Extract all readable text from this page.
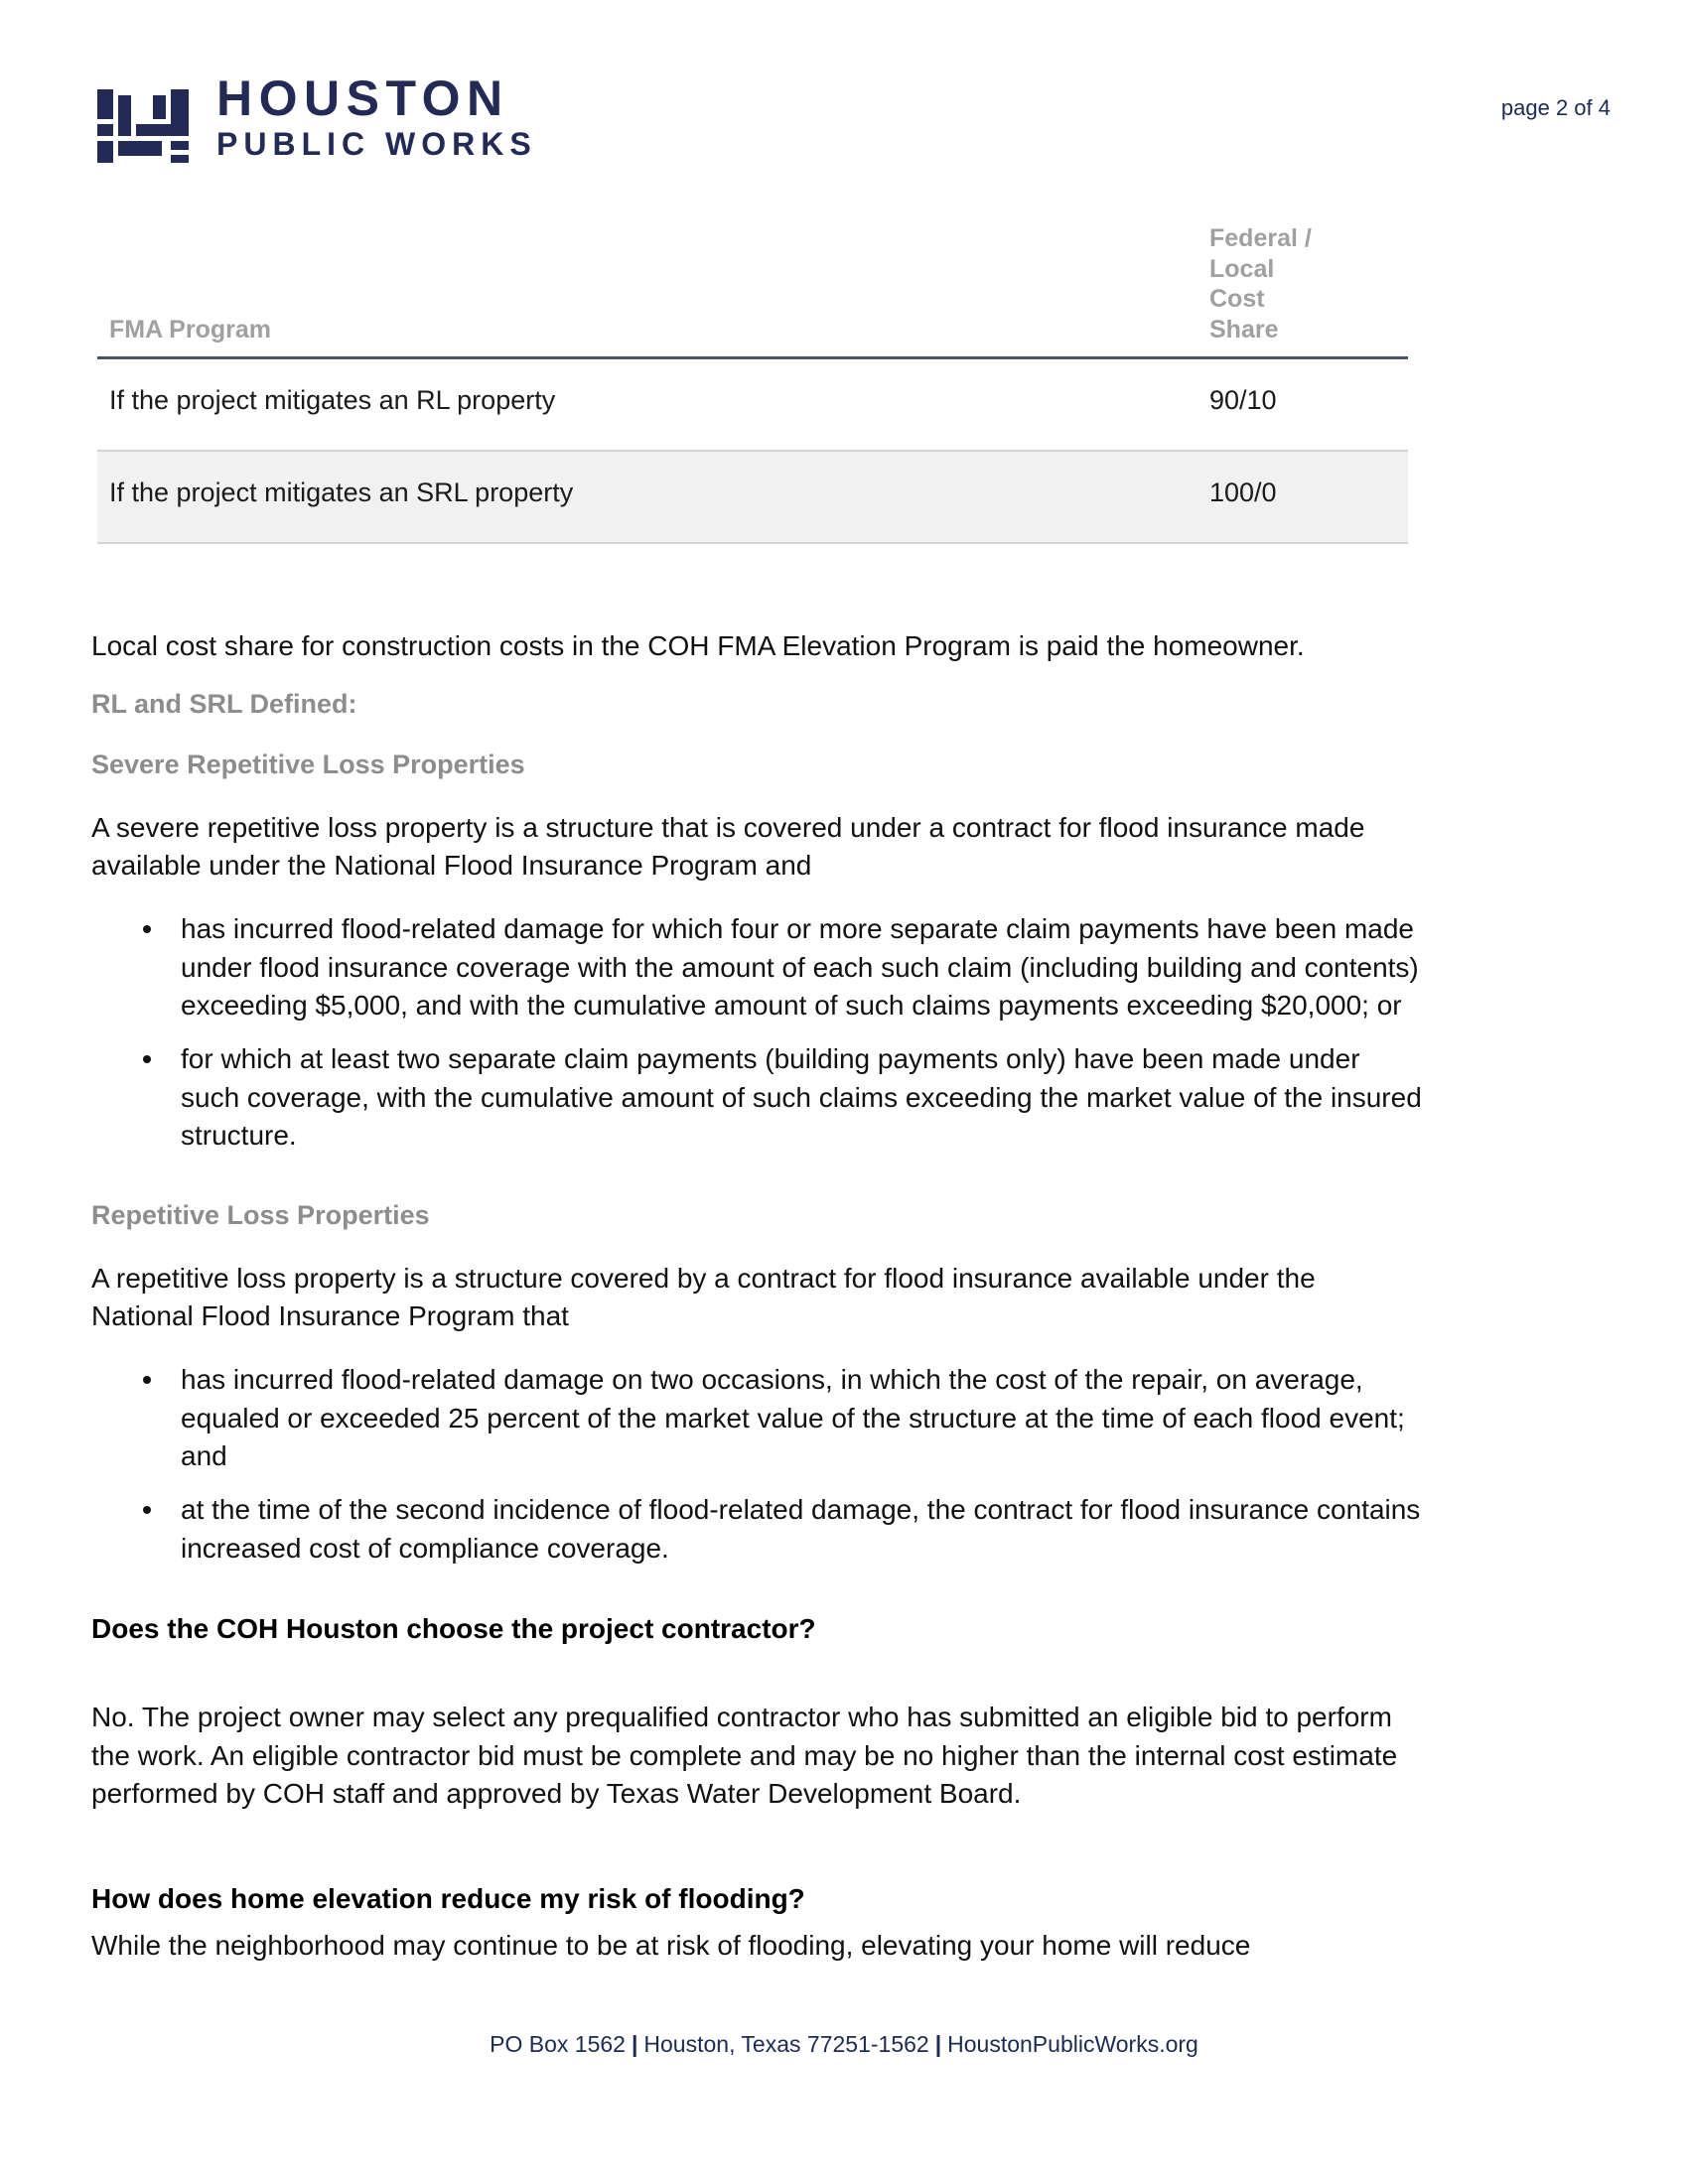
HOUSTON
PUBLIC WORKS
page 2 of 4
FMA Program	Federal /
Local
Cost
Share

If the project mitigates an RL property	90/10
If the project mitigates an SRL property	100/0

Local cost share for construction costs in the COH FMA Elevation Program is paid the homeowner.

RL and SRL Defined:
Severe Repetitive Loss Properties

A severe repetitive loss property is a structure that is covered under a contract for flood insurance made available under the National Flood Insurance Program and

has incurred flood-related damage for which four or more separate claim payments have been made under flood insurance coverage with the amount of each such claim (including building and contents) exceeding $5,000, and with the cumulative amount of such claims payments exceeding $20,000; or
for which at least two separate claim payments (building payments only) have been made under such coverage, with the cumulative amount of such claims exceeding the market value of the insured structure.
Repetitive Loss Properties

A repetitive loss property is a structure covered by a contract for flood insurance available under the National Flood Insurance Program that

has incurred flood-related damage on two occasions, in which the cost of the repair, on average, equaled or exceeded 25 percent of the market value of the structure at the time of each flood event; and
at the time of the second incidence of flood-related damage, the contract for flood insurance contains increased cost of compliance coverage.
Does the COH Houston choose the project contractor?

No. The project owner may select any prequalified contractor who has submitted an eligible bid to perform the work. An eligible contractor bid must be complete and may be no higher than the internal cost estimate performed by COH staff and approved by Texas Water Development Board.

How does home elevation reduce my risk of flooding?

While the neighborhood may continue to be at risk of flooding, elevating your home will reduce

PO Box 1562 | Houston, Texas 77251-1562 | HoustonPublicWorks.org
